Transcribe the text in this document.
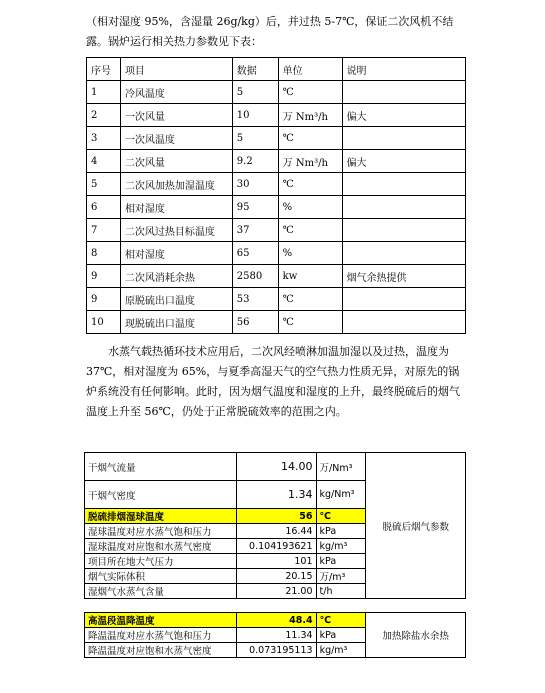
（相对湿度 95%，含湿量 26g/kg）后，并过热 5-7℃，保证二次风机不结露。锅炉运行相关热力参数见下表：

序号	项目	数据	单位	说明
1	冷风温度	5	℃	
2	一次风量	10	万 Nm³/h	偏大
3	一次风温度	5	℃	
4	二次风量	9.2	万 Nm³/h	偏大
5	二次风加热加湿温度	30	℃	
6	相对湿度	95	%	
7	二次风过热目标温度	37	℃	
8	相对湿度	65	%	
9	二次风消耗余热	2580	kw	烟气余热提供
9	原脱硫出口温度	53	℃	
10	现脱硫出口温度	56	℃	

水蒸气载热循环技术应用后，二次风经喷淋加温加湿以及过热，温度为37℃，相对湿度为 65%，与夏季高湿天气的空气热力性质无异，对原先的锅炉系统没有任何影响。此时，因为烟气温度和湿度的上升，最终脱硫后的烟气温度上升至 56℃，仍处于正常脱硫效率的范围之内。

干烟气流量	14.00	万/Nm³	脱硫后烟气参数
干烟气密度	1.34	kg/Nm³	
脱硫排烟湿球温度	56	℃	
湿球温度对应水蒸气饱和压力	16.44	kPa	
湿球温度对应饱和水蒸气密度	0.104193621	kg/m³	
项目所在地大气压力	101	kPa	
烟气实际体积	20.15	万/m³	
湿烟气水蒸气含量	21.00	t/h	
高温段温降温度	48.4	℃	加热除盐水余热
降温温度对应水蒸气饱和压力	11.34	kPa	
降温温度对应饱和水蒸气密度	0.073195113	kg/m³	
